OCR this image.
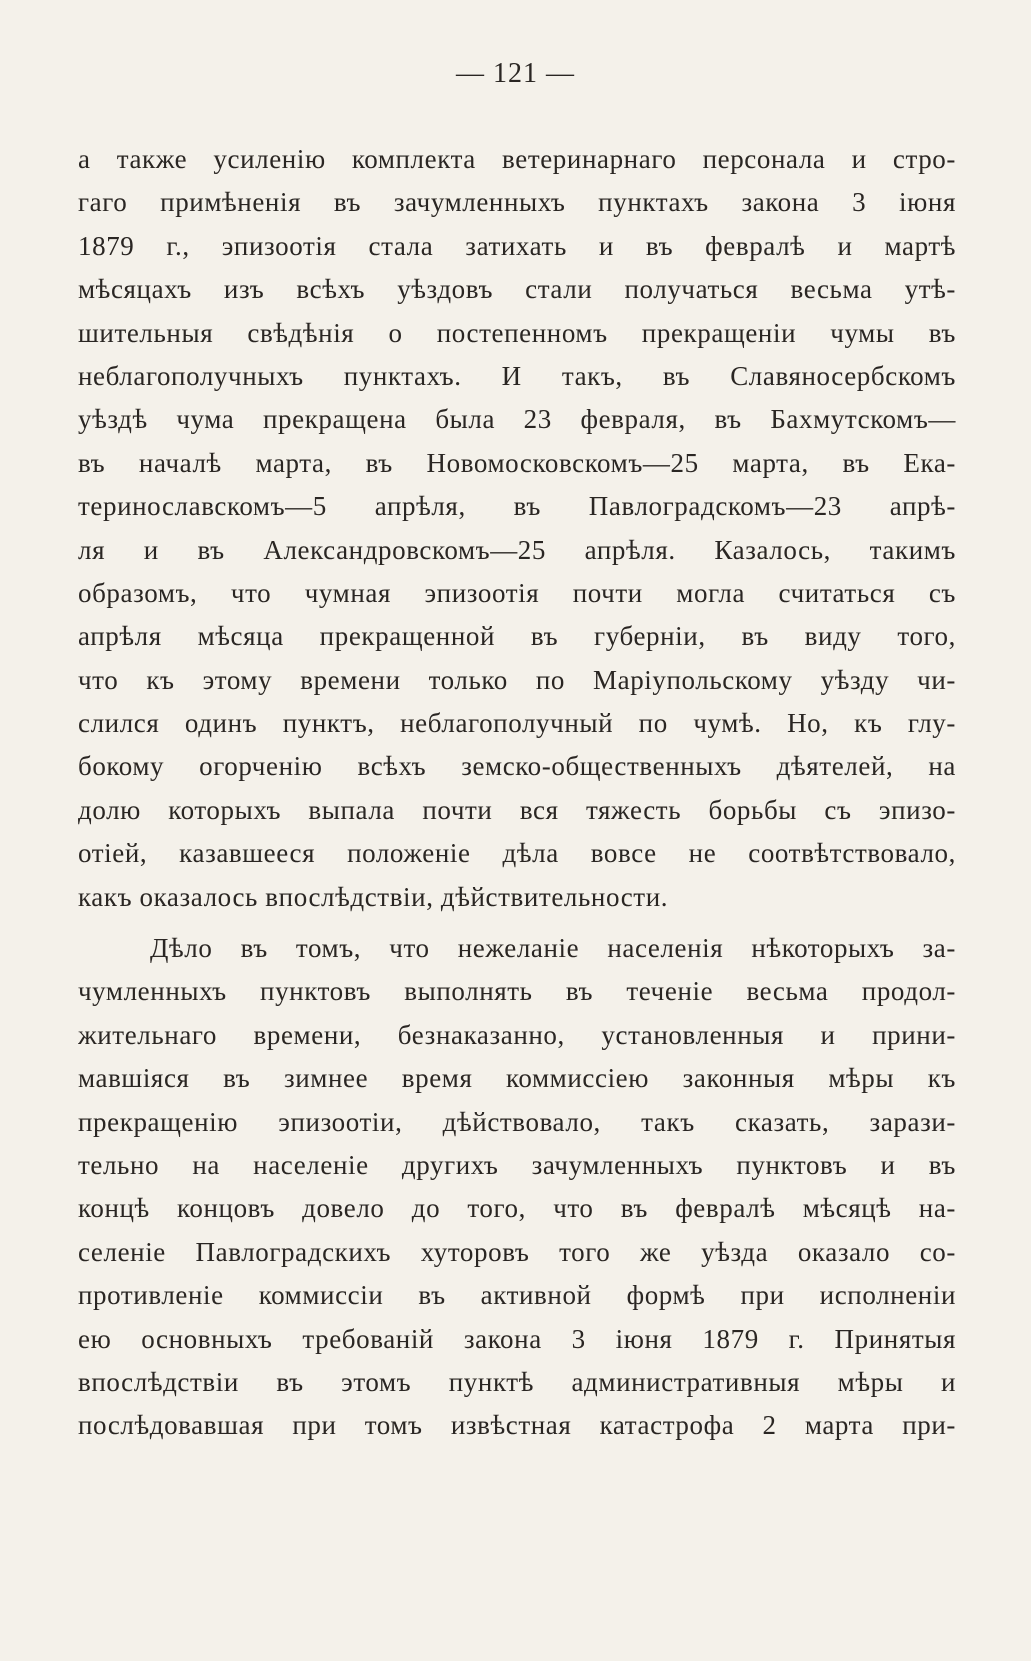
— 121 —
а также усиленію комплекта ветеринарнаго персонала и стро-
гаго примѣненія въ зачумленныхъ пунктахъ закона 3 іюня
1879 г., эпизоотія стала затихать и въ февралѣ и мартѣ
мѣсяцахъ изъ всѣхъ уѣздовъ стали получаться весьма утѣ-
шительныя свѣдѣнія о постепенномъ прекращеніи чумы въ
неблагополучныхъ пунктахъ. И такъ, въ Славяносербскомъ
уѣздѣ чума прекращена была 23 февраля, въ Бахмутскомъ—
въ началѣ марта, въ Новомосковскомъ—25 марта, въ Ека-
теринославскомъ—5 апрѣля, въ Павлоградскомъ—23 апрѣ-
ля и въ Александровскомъ—25 апрѣля. Казалось, такимъ
образомъ, что чумная эпизоотія почти могла считаться съ
апрѣля мѣсяца прекращенной въ губерніи, въ виду того,
что къ этому времени только по Маріупольскому уѣзду чи-
слился одинъ пунктъ, неблагополучный по чумѣ. Но, къ глу-
бокому огорченію всѣхъ земско-общественныхъ дѣятелей, на
долю которыхъ выпала почти вся тяжесть борьбы съ эпизо-
отіей, казавшееся положеніе дѣла вовсе не соотвѣтствовало,
какъ оказалось впослѣдствіи, дѣйствительности.
Дѣло въ томъ, что нежеланіе населенія нѣкоторыхъ за-
чумленныхъ пунктовъ выполнять въ теченіе весьма продол-
жительнаго времени, безнаказанно, установленныя и прини-
мавшіяся въ зимнее время коммиссіею законныя мѣры къ
прекращенію эпизоотіи, дѣйствовало, такъ сказать, зарази-
тельно на населеніе другихъ зачумленныхъ пунктовъ и въ
концѣ концовъ довело до того, что въ февралѣ мѣсяцѣ на-
селеніе Павлоградскихъ хуторовъ того же уѣзда оказало со-
противленіе коммиссіи въ активной формѣ при исполненіи
ею основныхъ требованій закона 3 іюня 1879 г. Принятыя
впослѣдствіи въ этомъ пунктѣ административныя мѣры и
послѣдовавшая при томъ извѣстная катастрофа 2 марта при-
